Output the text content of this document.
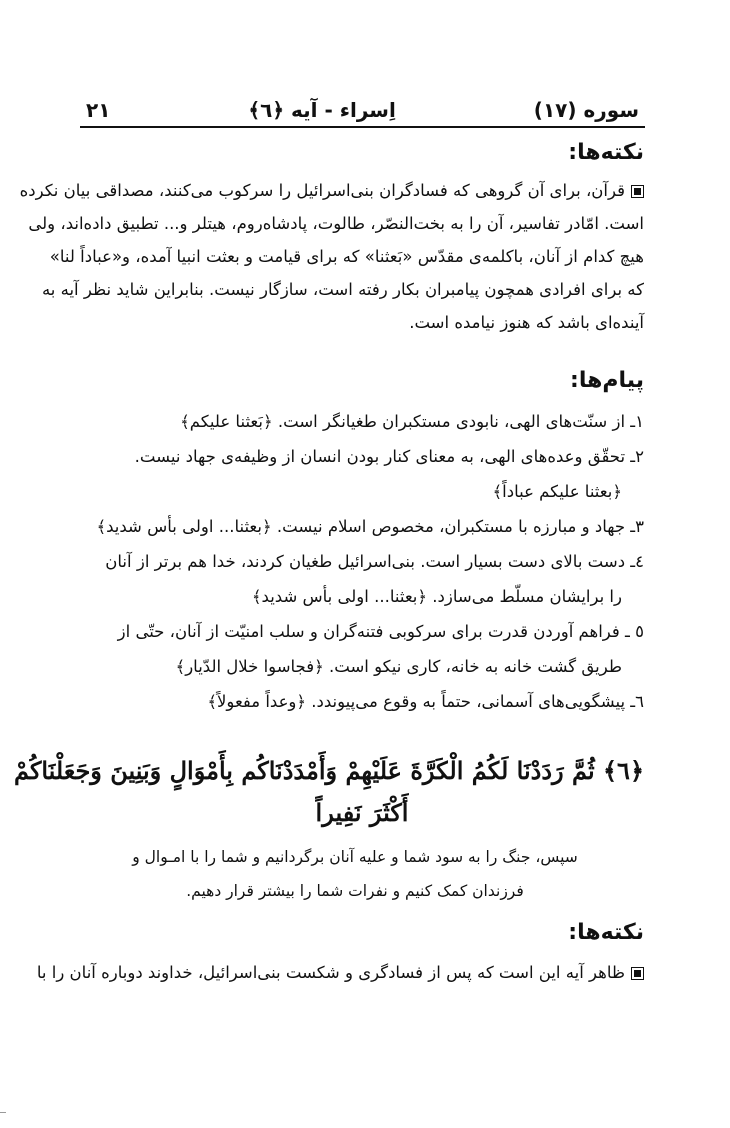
سوره (۱۷)
اِسراء - آیه ﴿٦﴾
۲۱
نکته‌ها:
قرآن، برای آن گروهی که فسادگران بنی‌اسرائیل را سرکوب می‌کنند، مصداقی بیان نکرده
است. امّادر تفاسیر، آن را به بخت‌النصّر، طالوت، پادشاه‌روم، هیتلر و... تطبیق داده‌اند، ولی
هیچ کدام از آنان، باکلمه‌ی مقدّس «بَعثنا» که برای قیامت و بعثت انبیا آمده، و«عباداً لنا»
که برای افرادی همچون پیامبران بکار رفته است، سازگار نیست. بنابراین شاید نظر آیه به
آینده‌ای باشد که هنوز نیامده است.
پیام‌ها:
۱ـ از سنّت‌های الهی، نابودی مستکبران طغیانگر است. ﴿بَعثنا علیکم﴾
۲ـ تحقّق وعده‌های الهی، به معنای کنار بودن انسان از وظیفه‌ی جهاد نیست.
﴿بعثنا علیکم عباداً﴾
۳ـ جهاد و مبارزه با مستکبران، مخصوص اسلام نیست. ﴿بعثنا... اولی بأس شدید﴾
٤ـ دست بالای دست بسیار است. بنی‌اسرائیل طغیان کردند، خدا هم برتر از آنان
را برایشان مسلّط می‌سازد. ﴿بعثنا... اولی بأس شدید﴾
٥ ـ فراهم آوردن قدرت برای سرکوبی فتنه‌گران و سلب امنیّت از آنان، حتّی از
طریق گشت خانه به خانه، کاری نیکو است. ﴿فجاسوا خلال الدّیار﴾
٦ـ پیشگویی‌های آسمانی، حتماً به وقوع می‌پیوندد. ﴿وعداً مفعولاً﴾
﴿٦﴾ ثُمَّ رَدَدْنَا لَكُمُ الْكَرَّةَ عَلَيْهِمْ وَأَمْدَدْنَاكُم بِأَمْوَالٍ وَبَنِينَ وَجَعَلْنَاكُمْ
أَكْثَرَ نَفِيراً
سپس، جنگ را به سود شما و علیه آنان برگردانیم و شما را با امـوال و
فرزندان کمک کنیم و نفرات شما را بیشتر قرار دهیم.
نکته‌ها:
ظاهر آیه این است که پس از فسادگری و شکست بنی‌اسرائیل، خداوند دوباره آنان را با
